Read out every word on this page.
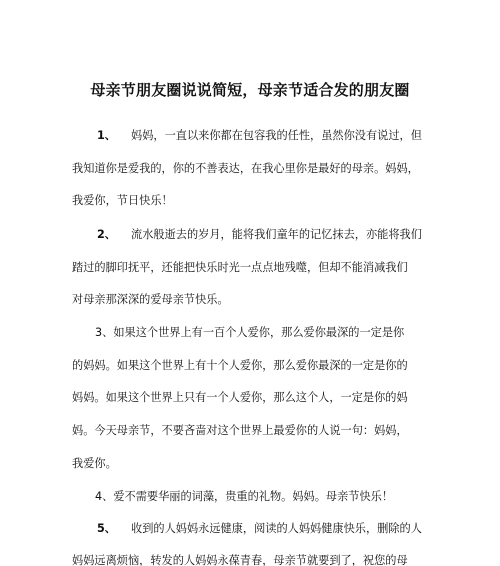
母亲节朋友圈说说简短，母亲节适合发的朋友圈

1、 妈妈，一直以来你都在包容我的任性，虽然你没有说过，但

我知道你是爱我的，你的不善表达，在我心里你是最好的母亲。妈妈，

我爱你，节日快乐！

2、 流水般逝去的岁月，能将我们童年的记忆抹去，亦能将我们

踏过的脚印抚平，还能把快乐时光一点点地残噬，但却不能消减我们

对母亲那深深的爱母亲节快乐。

3、如果这个世界上有一百个人爱你，那么爱你最深的一定是你

的妈妈。如果这个世界上有十个人爱你，那么爱你最深的一定是你的

妈妈。如果这个世界上只有一个人爱你，那么这个人，一定是你的妈

妈。今天母亲节，不要吝啬对这个世界上最爱你的人说一句：妈妈，

我爱你。

4、爱不需要华丽的词藻，贵重的礼物。妈妈。母亲节快乐！

5、 收到的人妈妈永远健康，阅读的人妈妈健康快乐，删除的人

妈妈远离烦恼，转发的人妈妈永葆青春，母亲节就要到了，祝您的母
